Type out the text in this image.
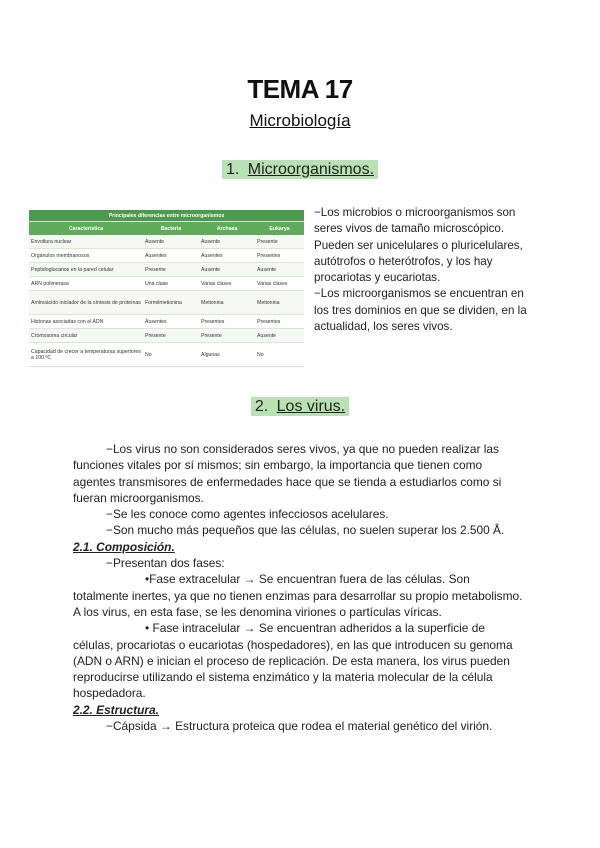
TEMA 17
Microbiología
1. Microorganismos.
Principales diferencias entre microorganismos			
Característica	Bacteria	Archaea	Eukarya
Envoltura nuclear	Ausente	Ausente	Presente
Orgánulos membranosos	Ausentes	Ausentes	Presentes
Peptidoglucanos en la pared celular	Presente	Ausente	Ausente
ARN polimerasa	Una clase	Varias clases	Varias clases
Aminoácido iniciador de la síntesis de proteínas	Formilmetionina	Metionina	Metionina
Histonas asociadas con el ADN	Ausentes	Presentes	Presentes
Cromosoma circular	Presente	Presente	Ausente
Capacidad de crecer a temperaturas superiores a 100 ºC	No	Algunas	No
−Los microbios o microorganismos son seres vivos de tamaño microscópico. Pueden ser unicelulares o pluricelulares, autótrofos o heterótrofos, y los hay procariotas y eucariotas.
−Los microorganismos se encuentran en los tres dominios en que se dividen, en la actualidad, los seres vivos.
2. Los virus.
−Los virus no son considerados seres vivos, ya que no pueden realizar las funciones vitales por sí mismos; sin embargo, la importancia que tienen como agentes transmisores de enfermedades hace que se tienda a estudiarlos como si fueran microorganismos.
−Se les conoce como agentes infecciosos acelulares.
−Son mucho más pequeños que las células, no suelen superar los 2.500 Å.
2.1. Composición.
−Presentan dos fases:
•Fase extracelular → Se encuentran fuera de las células. Son totalmente inertes, ya que no tienen enzimas para desarrollar su propio metabolismo. A los virus, en esta fase, se les denomina viriones o partículas víricas.
• Fase intracelular → Se encuentran adheridos a la superficie de células, procariotas o eucariotas (hospedadores), en las que introducen su genoma (ADN o ARN) e inician el proceso de replicación. De esta manera, los virus pueden reproducirse utilizando el sistema enzimático y la materia molecular de la célula hospedadora.
2.2. Estructura.
−Cápsida → Estructura proteica que rodea el material genético del virión.
